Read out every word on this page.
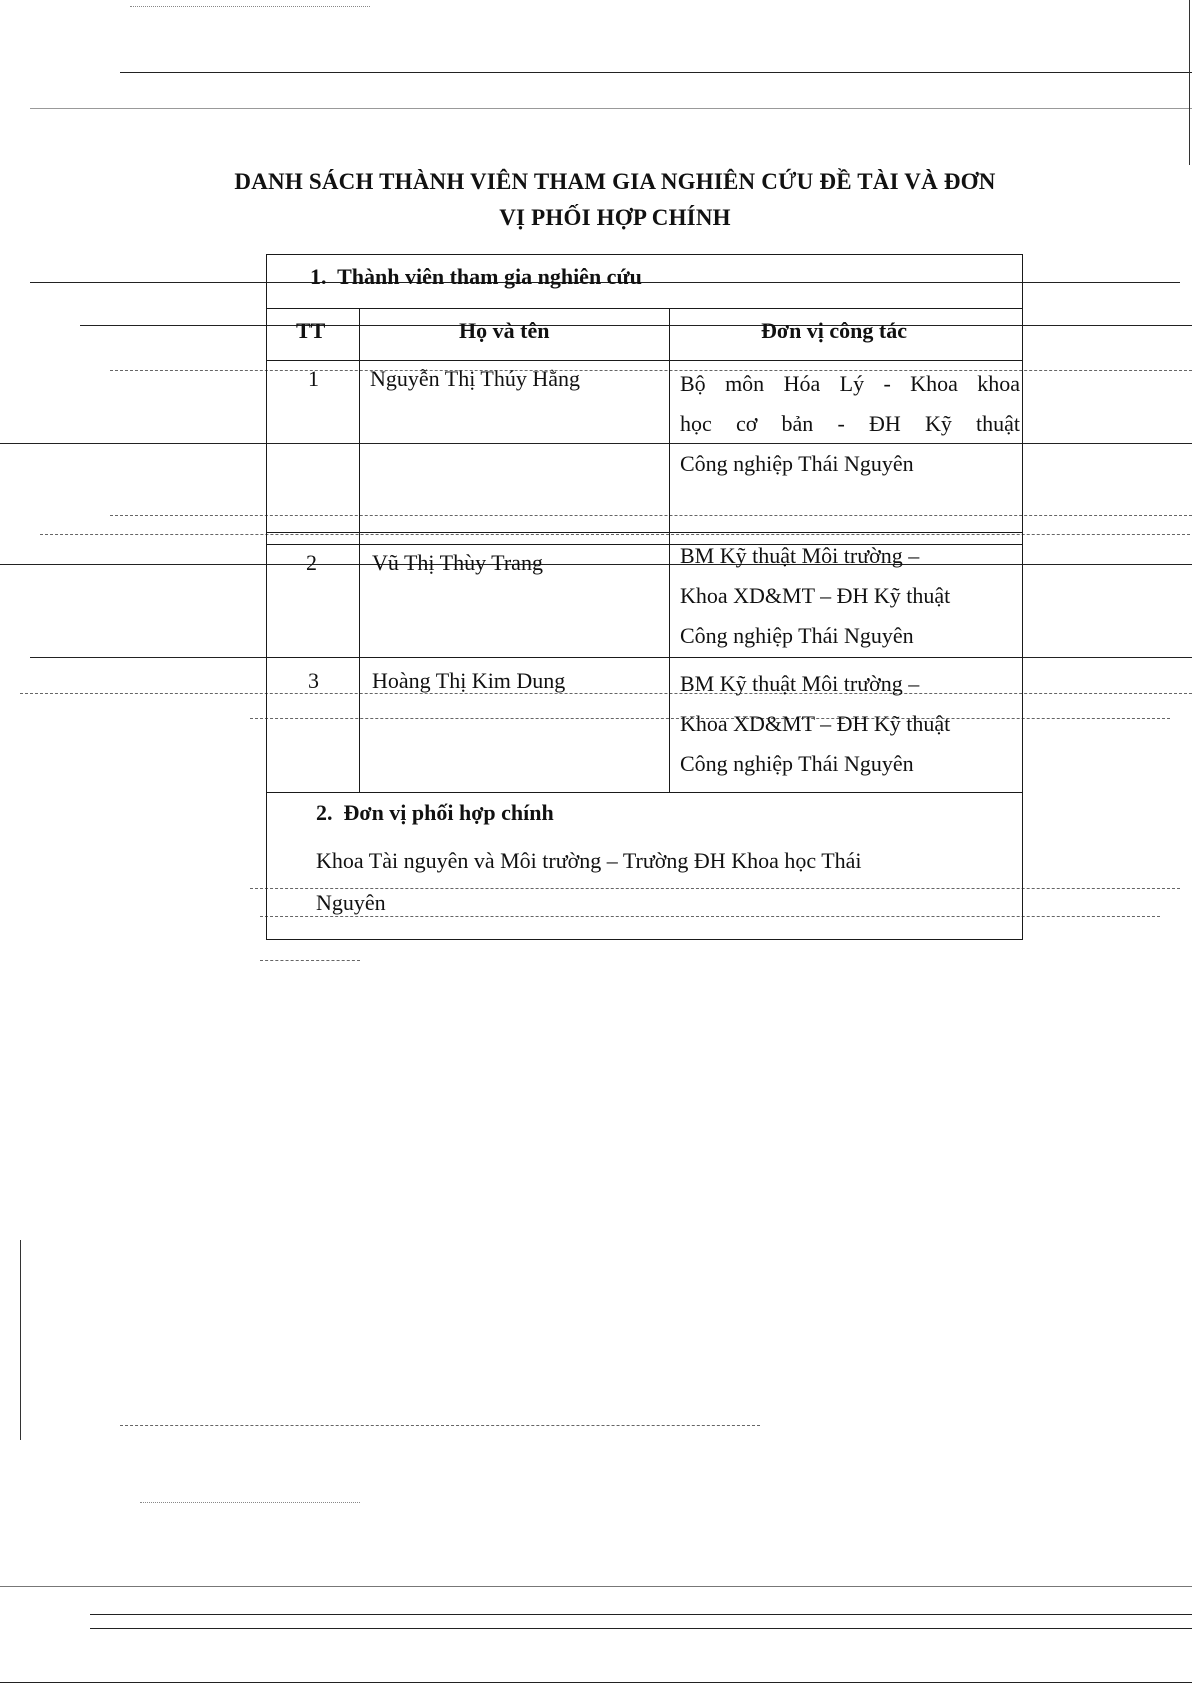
DANH SÁCH THÀNH VIÊN THAM GIA NGHIÊN CỨU ĐỀ TÀI VÀ ĐƠN
VỊ PHỐI HỢP CHÍNH
1. Thành viên tham gia nghiên cứu
TT	Họ và tên	Đơn vị công tác
1 Nguyễn Thị Thúy Hằng	Bộ môn Hóa Lý - Khoa khoa
học cơ bản - ĐH Kỹ thuật
Công nghiệp Thái Nguyên
2	Vũ Thị Thùy Trang	BM Kỹ thuật Môi trường –
Khoa XD&MT – ĐH Kỹ thuật
Công nghiệp Thái Nguyên
3 Hoàng Thị Kim Dung	BM Kỹ thuật Môi trường –
Khoa XD&MT – ĐH Kỹ thuật
Công nghiệp Thái Nguyên
2. Đơn vị phối hợp chính
Khoa Tài nguyên và Môi trường – Trường ĐH Khoa học Thái
Nguyên
